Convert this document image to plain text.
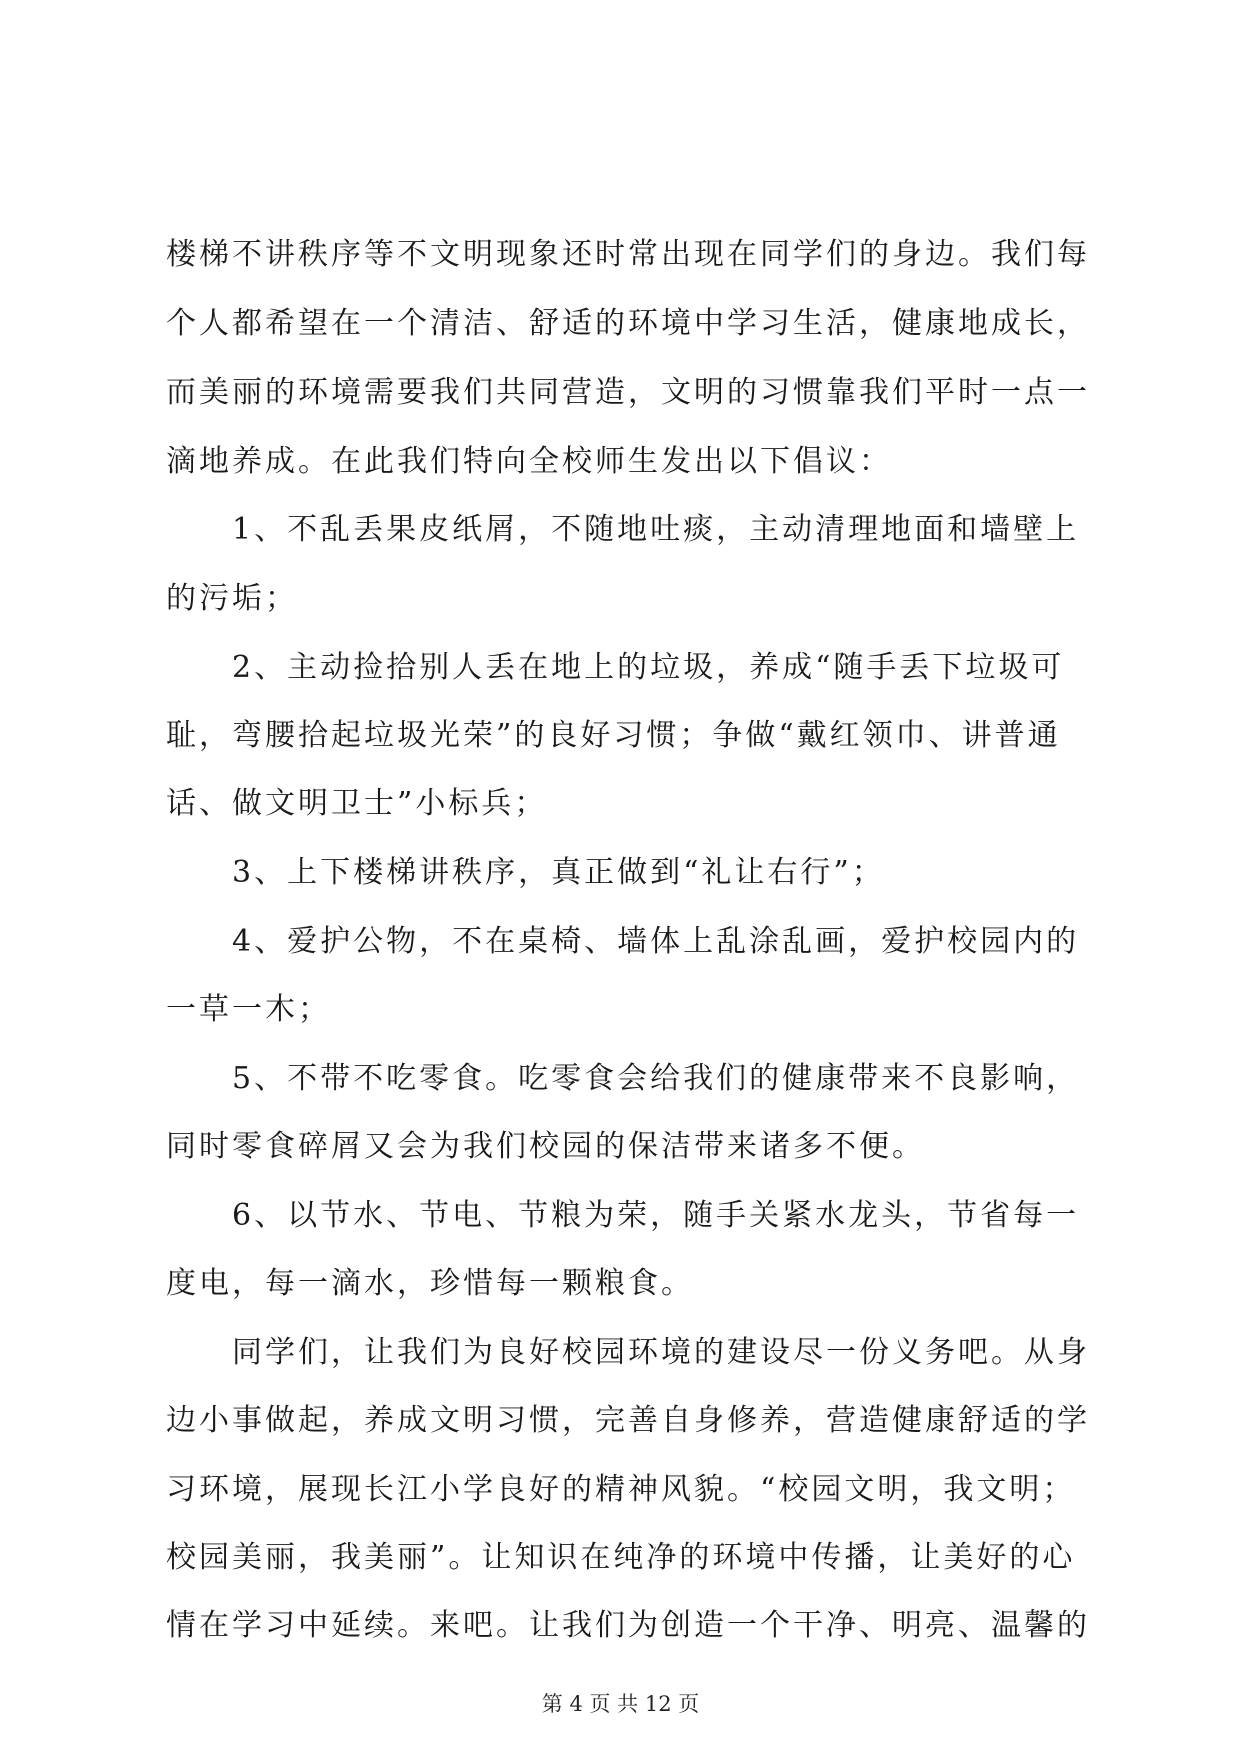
楼梯不讲秩序等不文明现象还时常出现在同学们的身边。我们每
个人都希望在一个清洁、舒适的环境中学习生活，健康地成长，
而美丽的环境需要我们共同营造，文明的习惯靠我们平时一点一
滴地养成。在此我们特向全校师生发出以下倡议：
1、不乱丢果皮纸屑，不随地吐痰，主动清理地面和墙壁上
的污垢；
2、主动捡拾别人丢在地上的垃圾，养成“随手丢下垃圾可
耻，弯腰拾起垃圾光荣”的良好习惯；争做“戴红领巾、讲普通
话、做文明卫士”小标兵；
3、上下楼梯讲秩序，真正做到“礼让右行”；
4、爱护公物，不在桌椅、墙体上乱涂乱画，爱护校园内的
一草一木；
5、不带不吃零食。吃零食会给我们的健康带来不良影响，
同时零食碎屑又会为我们校园的保洁带来诸多不便。
6、以节水、节电、节粮为荣，随手关紧水龙头，节省每一
度电，每一滴水，珍惜每一颗粮食。
同学们，让我们为良好校园环境的建设尽一份义务吧。从身
边小事做起，养成文明习惯，完善自身修养，营造健康舒适的学
习环境，展现长江小学良好的精神风貌。“校园文明，我文明；
校园美丽，我美丽”。让知识在纯净的环境中传播，让美好的心
情在学习中延续。来吧。让我们为创造一个干净、明亮、温馨的
第 4 页 共 12 页
